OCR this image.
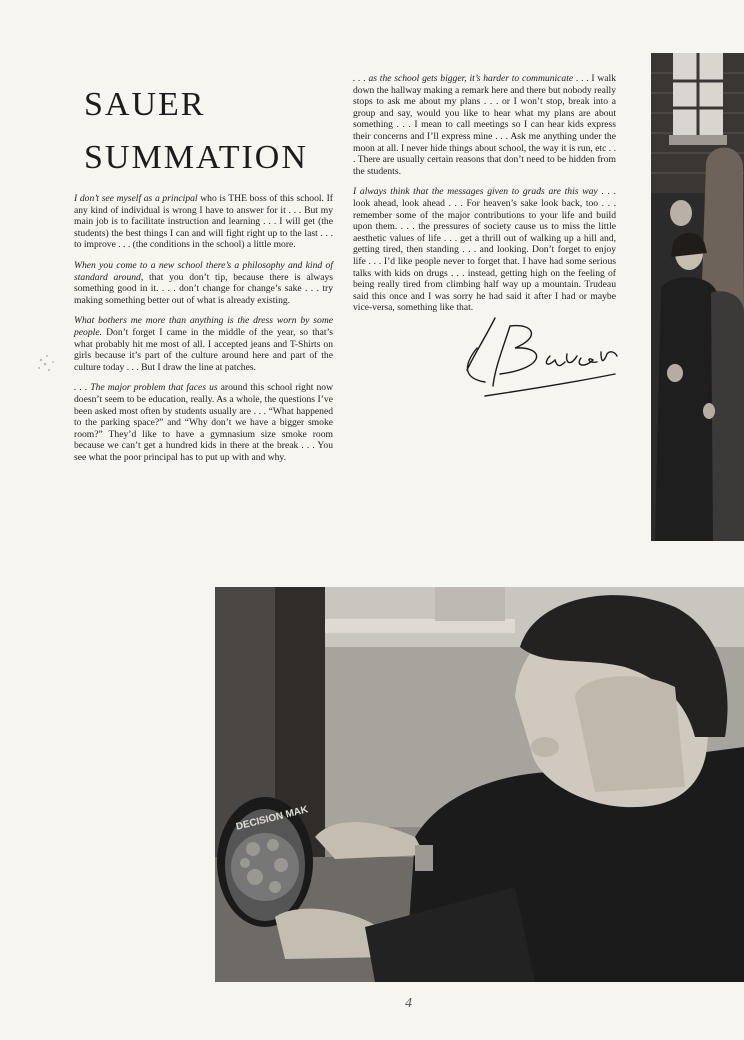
SAUER
SUMMATION

I don’t see myself as a principal who is THE boss of this school. If any kind of individual is wrong I have to answer for it . . . But my main job is to facilitate instruction and learning . . . I will get (the students) the best things I can and will fight right up to the last . . . to improve . . . (the conditions in the school) a little more.

When you come to a new school there’s a philosophy and kind of standard around, that you don’t tip, because there is always something good in it. . . . don’t change for change’s sake . . . try making something better out of what is already existing.

What bothers me more than anything is the dress worn by some people. Don’t forget I came in the middle of the year, so that’s what probably hit me most of all. I accepted jeans and T-Shirts on girls because it’s part of the culture around here and part of the culture today . . . But I draw the line at patches.

. . . The major problem that faces us around this school right now doesn’t seem to be education, really. As a whole, the questions I’ve been asked most often by students usually are . . . “What happened to the parking space?” and “Why don’t we have a bigger smoke room?” They’d like to have a gymnasium size smoke room because we can’t get a hundred kids in there at the break . . . You see what the poor principal has to put up with and why.

. . . as the school gets bigger, it’s harder to communicate . . . I walk down the hallway making a remark here and there but nobody really stops to ask me about my plans . . . or I won’t stop, break into a group and say, would you like to hear what my plans are about something . . . I mean to call meetings so I can hear kids express their concerns and I’ll express mine . . . Ask me anything under the moon at all. I never hide things about school, the way it is run, etc . . . There are usually certain reasons that don’t need to be hidden from the students.

I always think that the messages given to grads are this way . . . look ahead, look ahead . . . For heaven’s sake look back, too . . . remember some of the major contributions to your life and build upon them. . . . the pressures of society cause us to miss the little aesthetic values of life . . . get a thrill out of walking up a hill and, getting tired, then standing . . . and looking. Don’t forget to enjoy life . . . I’d like people never to forget that. I have had some serious talks with kids on drugs . . . instead, getting high on the feeling of being really tired from climbing half way up a mountain. Trudeau said this once and I was sorry he had said it after I had or maybe vice-versa, something like that.

DECISION MAK
4
